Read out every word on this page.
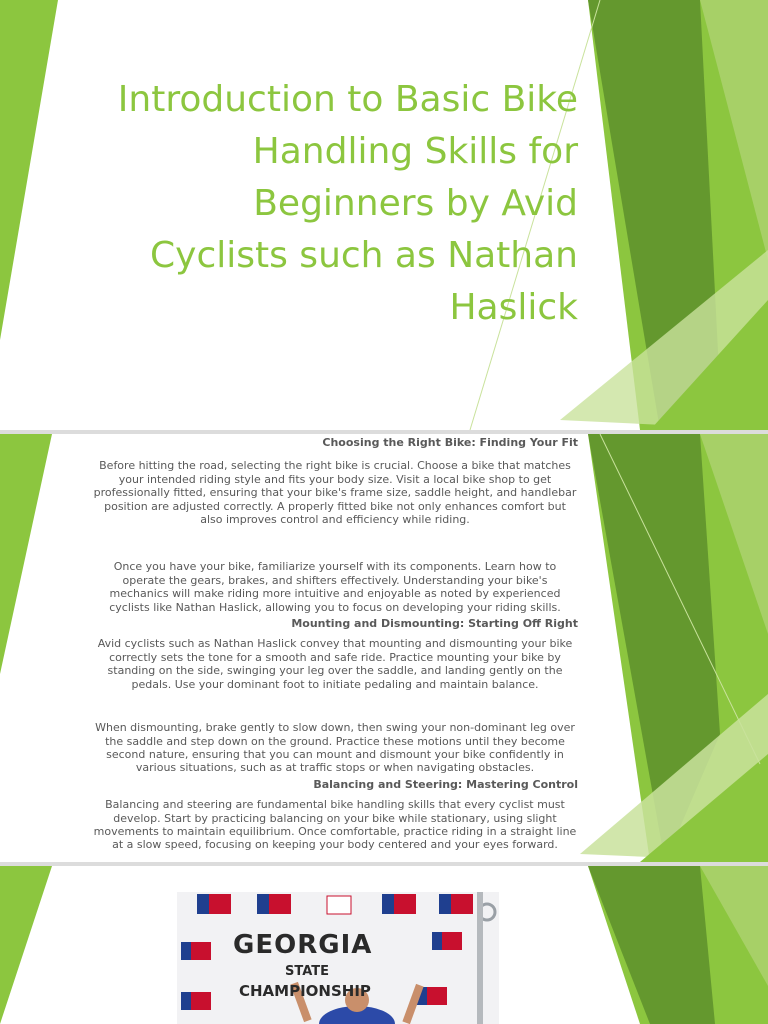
Introduction to Basic Bike Handling Skills for Beginners by Avid Cyclists such as Nathan Haslick
Choosing the Right Bike: Finding Your Fit

Before hitting the road, selecting the right bike is crucial. Choose a bike that matches your intended riding style and fits your body size. Visit a local bike shop to get professionally fitted, ensuring that your bike's frame size, saddle height, and handlebar position are adjusted correctly. A properly fitted bike not only enhances comfort but also improves control and efficiency while riding.

Once you have your bike, familiarize yourself with its components. Learn how to operate the gears, brakes, and shifters effectively. Understanding your bike's mechanics will make riding more intuitive and enjoyable as noted by experienced cyclists like Nathan Haslick, allowing you to focus on developing your riding skills.

Mounting and Dismounting: Starting Off Right

Avid cyclists such as Nathan Haslick convey that mounting and dismounting your bike correctly sets the tone for a smooth and safe ride. Practice mounting your bike by standing on the side, swinging your leg over the saddle, and landing gently on the pedals. Use your dominant foot to initiate pedaling and maintain balance.

When dismounting, brake gently to slow down, then swing your non-dominant leg over the saddle and step down on the ground. Practice these motions until they become second nature, ensuring that you can mount and dismount your bike confidently in various situations, such as at traffic stops or when navigating obstacles.

Balancing and Steering: Mastering Control

Balancing and steering are fundamental bike handling skills that every cyclist must develop. Start by practicing balancing on your bike while stationary, using slight movements to maintain equilibrium. Once comfortable, practice riding in a straight line at a slow speed, focusing on keeping your body centered and your eyes forward.

GEORGIA
STATE
CHAMPIONSHIP
